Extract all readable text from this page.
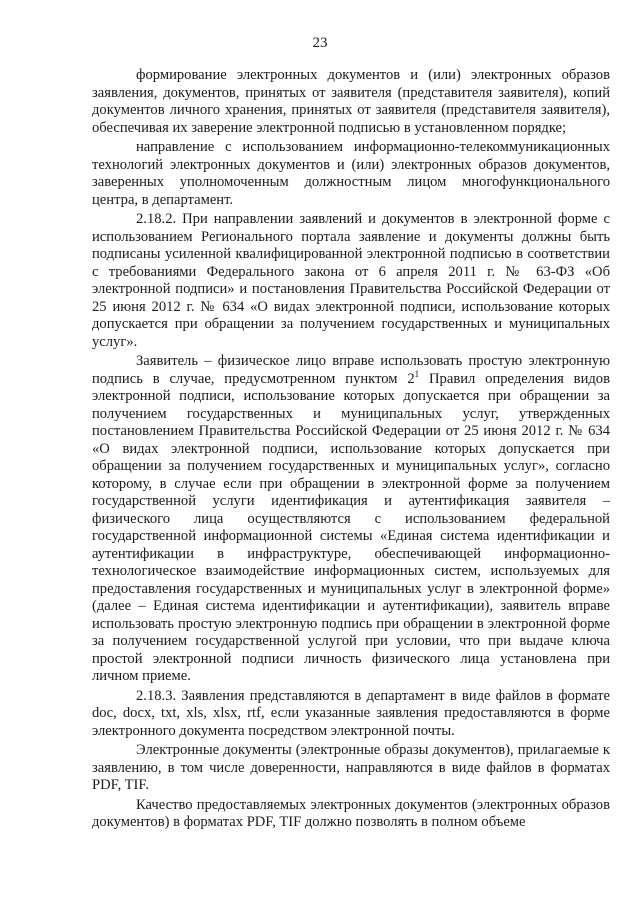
23

формирование электронных документов и (или) электронных образов заявления, документов, принятых от заявителя (представителя заявителя), копий документов личного хранения, принятых от заявителя (представителя заявителя), обеспечивая их заверение электронной подписью в установленном порядке;

направление с использованием информационно-телекоммуникационных технологий электронных документов и (или) электронных образов документов, заверенных уполномоченным должностным лицом многофункционального центра, в департамент.

2.18.2. При направлении заявлений и документов в электронной форме с использованием Регионального портала заявление и документы должны быть подписаны усиленной квалифицированной электронной подписью в соответствии с требованиями Федерального закона от 6 апреля 2011 г. № 63-ФЗ «Об электронной подписи» и постановления Правительства Российской Федерации от 25 июня 2012 г. № 634 «О видах электронной подписи, использование которых допускается при обращении за получением государственных и муниципальных услуг».

Заявитель – физическое лицо вправе использовать простую электронную подпись в случае, предусмотренном пунктом $2^1$ Правил определения видов электронной подписи, использование которых допускается при обращении за получением государственных и муниципальных услуг, утвержденных постановлением Правительства Российской Федерации от 25 июня 2012 г. № 634 «О видах электронной подписи, использование которых допускается при обращении за получением государственных и муниципальных услуг», согласно которому, в случае если при обращении в электронной форме за получением государственной услуги идентификация и аутентификация заявителя – физического лица осуществляются с использованием федеральной государственной информационной системы «Единая система идентификации и аутентификации в инфраструктуре, обеспечивающей информационно-технологическое взаимодействие информационных систем, используемых для предоставления государственных и муниципальных услуг в электронной форме» (далее – Единая система идентификации и аутентификации), заявитель вправе использовать простую электронную подпись при обращении в электронной форме за получением государственной услугой при условии, что при выдаче ключа простой электронной подписи личность физического лица установлена при личном приеме.

2.18.3. Заявления представляются в департамент в виде файлов в формате doc, docx, txt, xls, xlsx, rtf, если указанные заявления предоставляются в форме электронного документа посредством электронной почты.

Электронные документы (электронные образы документов), прилагаемые к заявлению, в том числе доверенности, направляются в виде файлов в форматах PDF, TIF.

Качество предоставляемых электронных документов (электронных образов документов) в форматах PDF, TIF должно позволять в полном объеме
